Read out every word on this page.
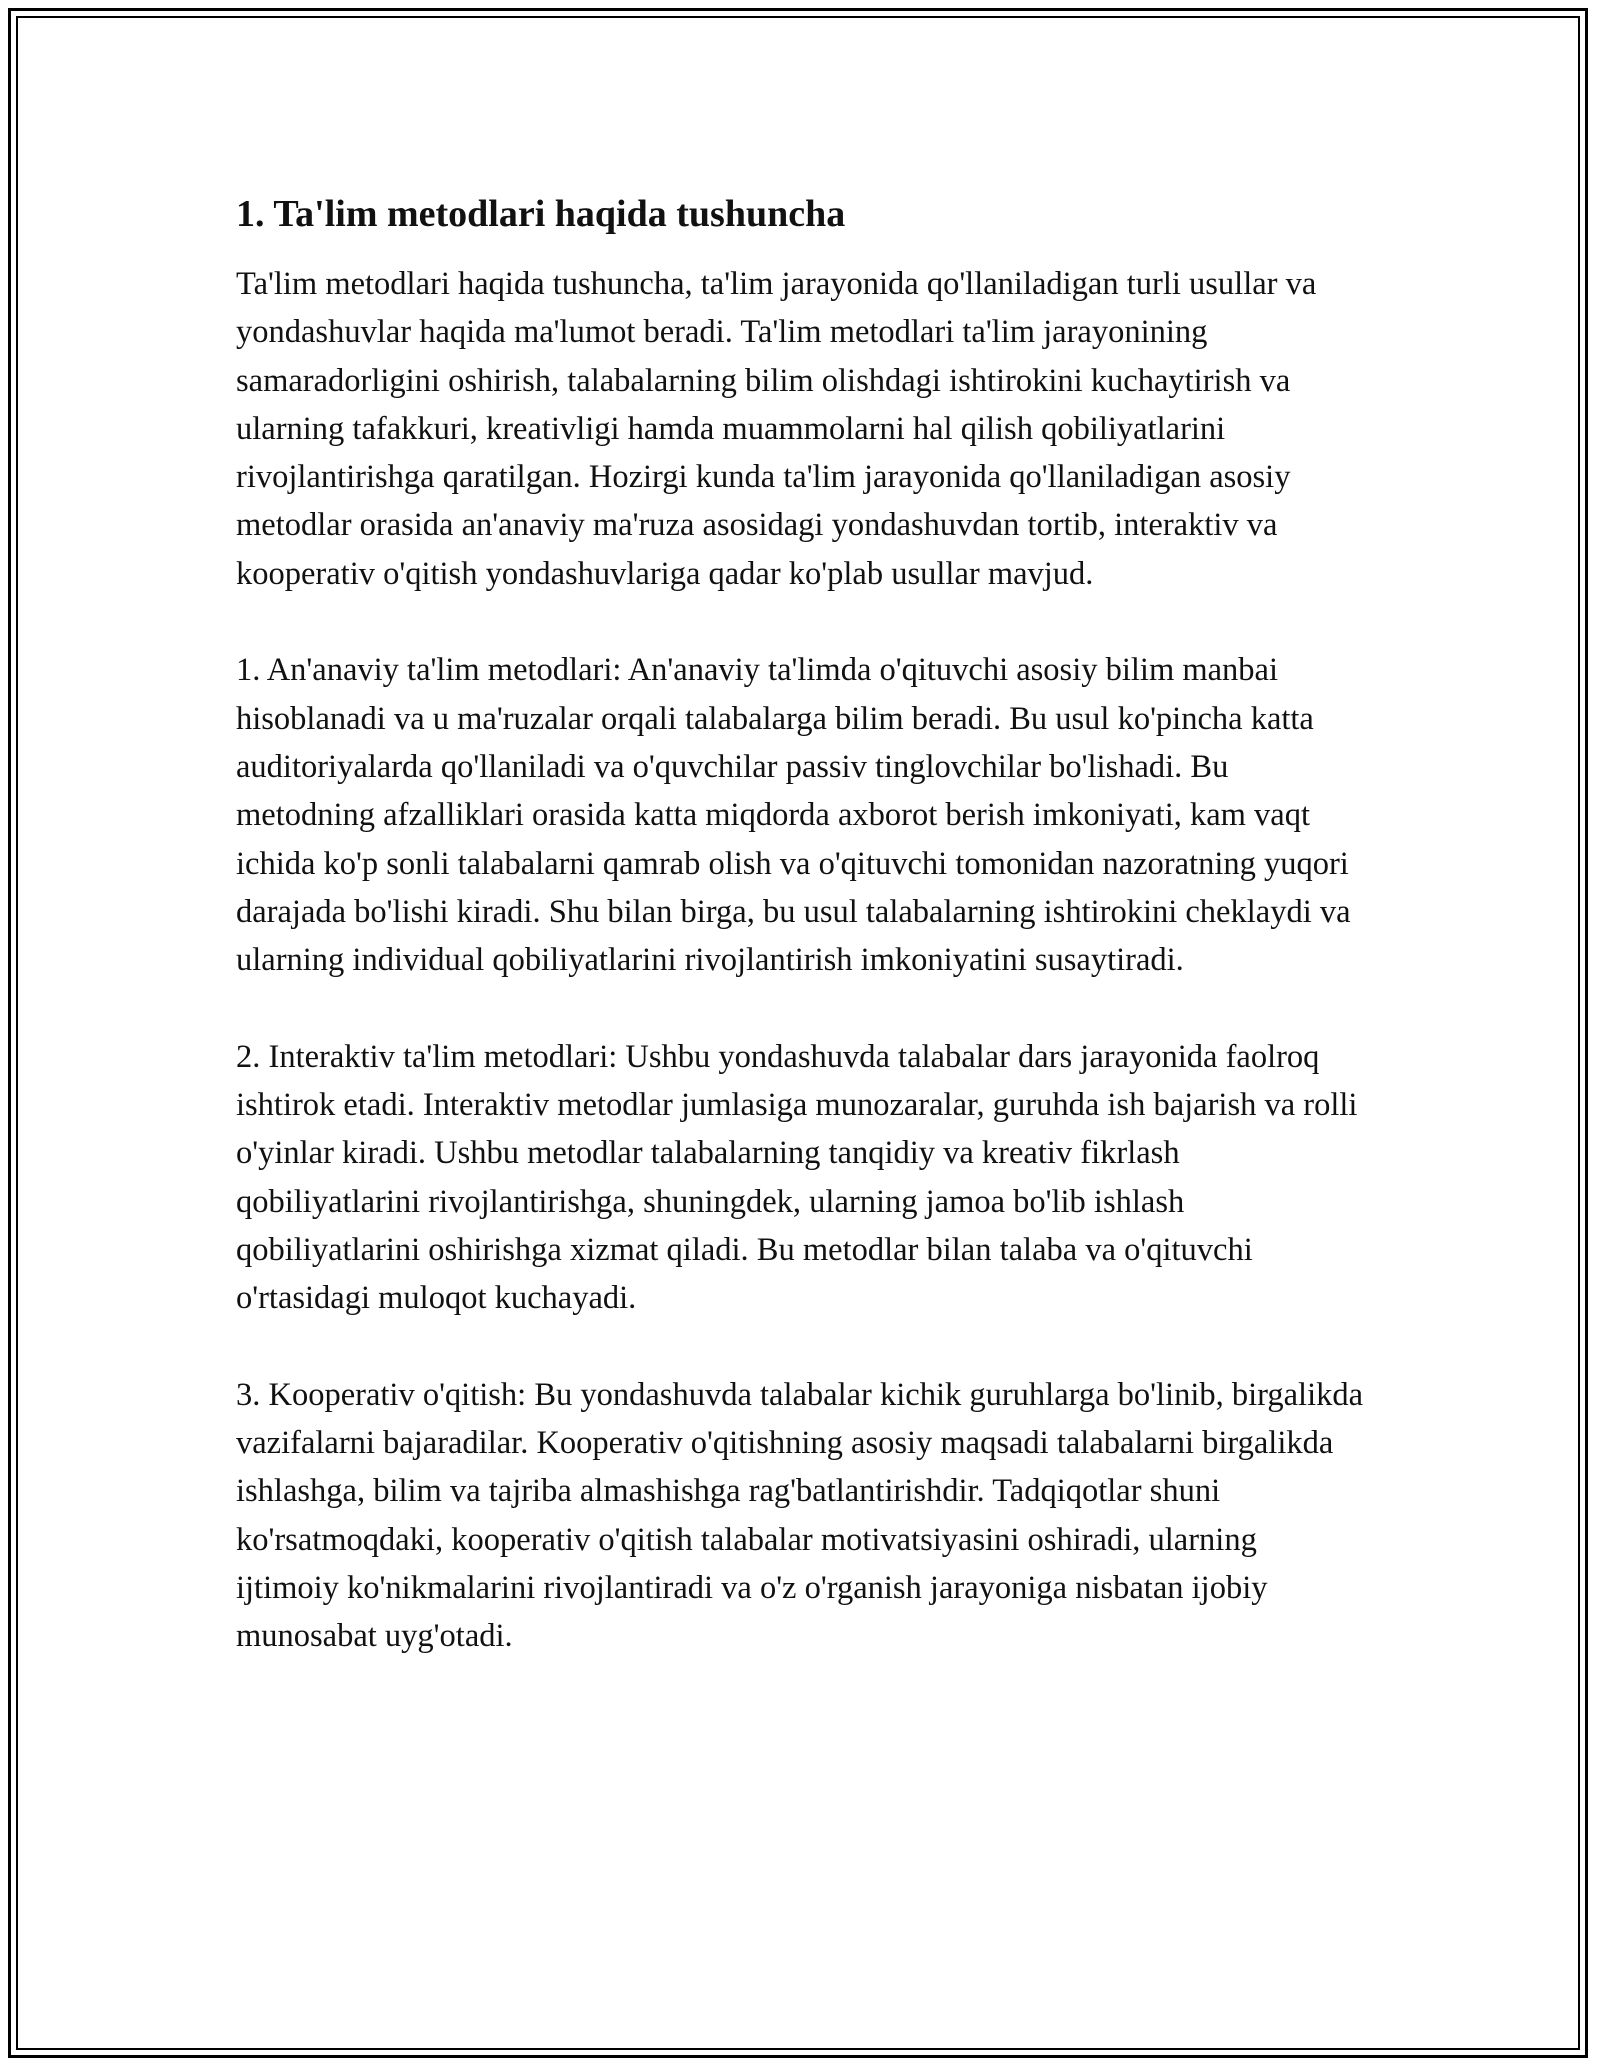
1. Ta'lim metodlari haqida tushuncha

Ta'lim metodlari haqida tushuncha, ta'lim jarayonida qo'llaniladigan turli usullar va yondashuvlar haqida ma'lumot beradi. Ta'lim metodlari ta'lim jarayonining samaradorligini oshirish, talabalarning bilim olishdagi ishtirokini kuchaytirish va ularning tafakkuri, kreativligi hamda muammolarni hal qilish qobiliyatlarini rivojlantirishga qaratilgan. Hozirgi kunda ta'lim jarayonida qo'llaniladigan asosiy metodlar orasida an'anaviy ma'ruza asosidagi yondashuvdan tortib, interaktiv va kooperativ o'qitish yondashuvlariga qadar ko'plab usullar mavjud.

1. An'anaviy ta'lim metodlari: An'anaviy ta'limda o'qituvchi asosiy bilim manbai hisoblanadi va u ma'ruzalar orqali talabalarga bilim beradi. Bu usul ko'pincha katta auditoriyalarda qo'llaniladi va o'quvchilar passiv tinglovchilar bo'lishadi. Bu metodning afzalliklari orasida katta miqdorda axborot berish imkoniyati, kam vaqt ichida ko'p sonli talabalarni qamrab olish va o'qituvchi tomonidan nazoratning yuqori darajada bo'lishi kiradi. Shu bilan birga, bu usul talabalarning ishtirokini cheklaydi va ularning individual qobiliyatlarini rivojlantirish imkoniyatini susaytiradi.

2. Interaktiv ta'lim metodlari: Ushbu yondashuvda talabalar dars jarayonida faolroq ishtirok etadi. Interaktiv metodlar jumlasiga munozaralar, guruhda ish bajarish va rolli o'yinlar kiradi. Ushbu metodlar talabalarning tanqidiy va kreativ fikrlash qobiliyatlarini rivojlantirishga, shuningdek, ularning jamoa bo'lib ishlash qobiliyatlarini oshirishga xizmat qiladi. Bu metodlar bilan talaba va o'qituvchi o'rtasidagi muloqot kuchayadi.

3. Kooperativ o'qitish: Bu yondashuvda talabalar kichik guruhlarga bo'linib, birgalikda vazifalarni bajaradilar. Kooperativ o'qitishning asosiy maqsadi talabalarni birgalikda ishlashga, bilim va tajriba almashishga rag'batlantirishdir. Tadqiqotlar shuni ko'rsatmoqdaki, kooperativ o'qitish talabalar motivatsiyasini oshiradi, ularning ijtimoiy ko'nikmalarini rivojlantiradi va o'z o'rganish jarayoniga nisbatan ijobiy munosabat uyg'otadi.
